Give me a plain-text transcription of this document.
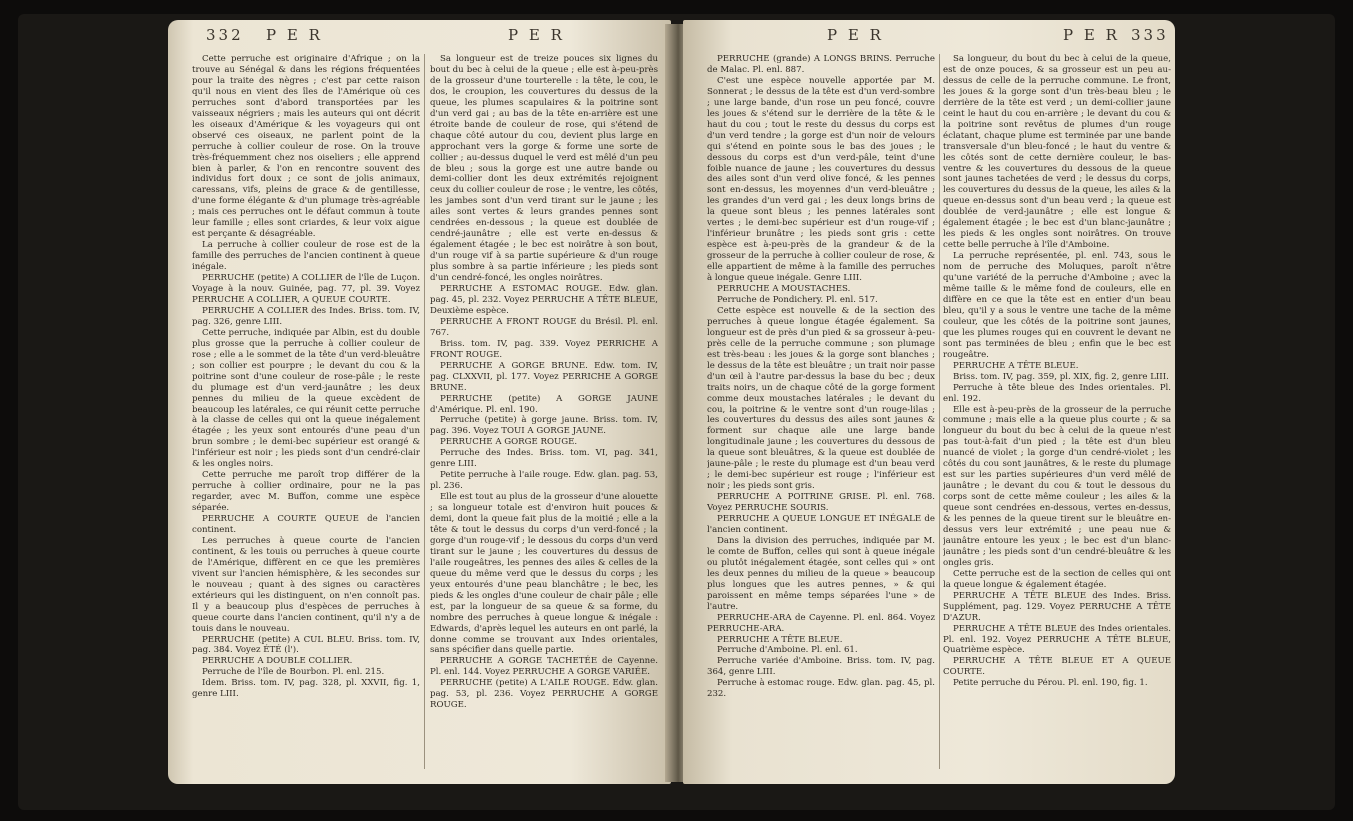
332 P E R	P E R

Cette perruche est originaire d'Afrique ; on la trouve au Sénégal & dans les régions fréquentées pour la traite des nègres ; c'est par cette raison qu'il nous en vient des îles de l'Amérique où ces perruches sont d'abord transportées par les vaisseaux négriers ; mais les auteurs qui ont décrit les oiseaux d'Amérique & les voyageurs qui ont observé ces oiseaux, ne parlent point de la perruche à collier couleur de rose. On la trouve très-fréquemment chez nos oiseliers ; elle apprend bien à parler, & l'on en rencontre souvent des individus fort doux ; ce sont de jolis animaux, caressans, vifs, pleins de grace & de gentillesse, d'une forme élégante & d'un plumage très-agréable ; mais ces perruches ont le défaut commun à toute leur famille ; elles sont criardes, & leur voix aigue est perçante & désagréable.

La perruche à collier couleur de rose est de la famille des perruches de l'ancien continent à queue inégale.

PERRUCHE (petite) A COLLIER de l'île de Luçon. Voyage à la nouv. Guinée, pag. 77, pl. 39. Voyez PERRUCHE A COLLIER, A QUEUE COURTE.

PERRUCHE A COLLIER des Indes. Briss. tom. IV, pag. 326, genre LIII.

Cette perruche, indiquée par Albin, est du double plus grosse que la perruche à collier couleur de rose ; elle a le sommet de la tête d'un verd-bleuâtre ; son collier est pourpre ; le devant du cou & la poitrine sont d'une couleur de rose-pâle ; le reste du plumage est d'un verd-jaunâtre ; les deux pennes du milieu de la queue excèdent de beaucoup les latérales, ce qui réunit cette perruche à la classe de celles qui ont la queue inégalement étagée ; les yeux sont entourés d'une peau d'un brun sombre ; le demi-bec supérieur est orangé & l'inférieur est noir ; les pieds sont d'un cendré-clair & les ongles noirs.

Cette perruche me paroît trop différer de la perruche à collier ordinaire, pour ne la pas regarder, avec M. Buffon, comme une espèce séparée.

PERRUCHE A COURTE QUEUE de l'ancien continent.

Les perruches à queue courte de l'ancien continent, & les touis ou perruches à queue courte de l'Amérique, diffèrent en ce que les premières vivent sur l'ancien hémisphère, & les secondes sur le nouveau ; quant à des signes ou caractères extérieurs qui les distinguent, on n'en connoît pas. Il y a beaucoup plus d'espèces de perruches à queue courte dans l'ancien continent, qu'il n'y a de touis dans le nouveau.

PERRUCHE (petite) A CUL BLEU. Briss. tom. IV, pag. 384. Voyez ÉTÉ (l').

PERRUCHE A DOUBLE COLLIER.

Perruche de l'île de Bourbon. Pl. enl. 215.

Idem. Briss. tom. IV, pag. 328, pl. XXVII, fig. 1, genre LIII.

Sa longueur est de treize pouces six lignes du bout du bec à celui de la queue ; elle est à-peu-près de la grosseur d'une tourterelle : la tête, le cou, le dos, le croupion, les couvertures du dessus de la queue, les plumes scapulaires & la poitrine sont d'un verd gai ; au bas de la tête en-arrière est une étroite bande de couleur de rose, qui s'étend de chaque côté autour du cou, devient plus large en approchant vers la gorge & forme une sorte de collier ; au-dessus duquel le verd est mêlé d'un peu de bleu ; sous la gorge est une autre bande ou demi-collier dont les deux extrémités rejoignent ceux du collier couleur de rose ; le ventre, les côtés, les jambes sont d'un verd tirant sur le jaune ; les ailes sont vertes & leurs grandes pennes sont cendrées en-dessous ; la queue est doublée de cendré-jaunâtre ; elle est verte en-dessus & également étagée ; le bec est noirâtre à son bout, d'un rouge vif à sa partie supérieure & d'un rouge plus sombre à sa partie inférieure ; les pieds sont d'un cendré-foncé, les ongles noirâtres.

PERRUCHE A ESTOMAC ROUGE. Edw. glan. pag. 45, pl. 232. Voyez PERRUCHE A TÊTE BLEUE, Deuxième espèce.

PERRUCHE A FRONT ROUGE du Brésil. Pl. enl. 767.

Briss. tom. IV, pag. 339. Voyez PERRICHE A FRONT ROUGE.

PERRUCHE A GORGE BRUNE. Edw. tom. IV, pag. CLXXVII, pl. 177. Voyez PERRICHE A GORGE BRUNE.

PERRUCHE (petite) A GORGE JAUNE d'Amérique. Pl. enl. 190.

Perruche (petite) à gorge jaune. Briss. tom. IV, pag. 396. Voyez TOUI A GORGE JAUNE.

PERRUCHE A GORGE ROUGE.

Perruche des Indes. Briss. tom. VI, pag. 341, genre LIII.

Petite perruche à l'aile rouge. Edw. glan. pag. 53, pl. 236.

Elle est tout au plus de la grosseur d'une alouette ; sa longueur totale est d'environ huit pouces & demi, dont la queue fait plus de la moitié ; elle a la tête & tout le dessus du corps d'un verd-foncé ; la gorge d'un rouge-vif ; le dessous du corps d'un verd tirant sur le jaune ; les couvertures du dessus de l'aile rougeâtres, les pennes des ailes & celles de la queue du même verd que le dessus du corps ; les yeux entourés d'une peau blanchâtre ; le bec, les pieds & les ongles d'une couleur de chair pâle ; elle est, par la longueur de sa queue & sa forme, du nombre des perruches à queue longue & inégale : Edwards, d'après lequel les auteurs en ont parlé, la donne comme se trouvant aux Indes orientales, sans spécifier dans quelle partie.

PERRUCHE A GORGE TACHETÉE de Cayenne. Pl. enl. 144. Voyez PERRUCHE A GORGE VARIÉE.

PERRUCHE (petite) A L'AILE ROUGE. Edw. glan. pag. 53, pl. 236. Voyez PERRUCHE A GORGE ROUGE.

P E R	P E R 333

PERRUCHE (grande) A LONGS BRINS. Perruche de Malac. Pl. enl. 887.

C'est une espèce nouvelle apportée par M. Sonnerat ; le dessus de la tête est d'un verd-sombre ; une large bande, d'un rose un peu foncé, couvre les joues & s'étend sur le derrière de la tête & le haut du cou ; tout le reste du dessus du corps est d'un verd tendre ; la gorge est d'un noir de velours qui s'étend en pointe sous le bas des joues ; le dessous du corps est d'un verd-pâle, teint d'une foible nuance de jaune ; les couvertures du dessus des ailes sont d'un verd olive foncé, & les pennes sont en-dessus, les moyennes d'un verd-bleuâtre ; les grandes d'un verd gai ; les deux longs brins de la queue sont bleus ; les pennes latérales sont vertes ; le demi-bec supérieur est d'un rouge-vif ; l'inférieur brunâtre ; les pieds sont gris : cette espèce est à-peu-près de la grandeur & de la grosseur de la perruche à collier couleur de rose, & elle appartient de même à la famille des perruches à longue queue inégale. Genre LIII.

PERRUCHE A MOUSTACHES.

Perruche de Pondichery. Pl. enl. 517.

Cette espèce est nouvelle & de la section des perruches à queue longue étagée également. Sa longueur est de près d'un pied & sa grosseur à-peu-près celle de la perruche commune ; son plumage est très-beau : les joues & la gorge sont blanches ; le dessus de la tête est bleuâtre ; un trait noir passe d'un œil à l'autre par-dessus la base du bec ; deux traits noirs, un de chaque côté de la gorge forment comme deux moustaches latérales ; le devant du cou, la poitrine & le ventre sont d'un rouge-lilas ; les couvertures du dessus des ailes sont jaunes & forment sur chaque aile une large bande longitudinale jaune ; les couvertures du dessous de la queue sont bleuâtres, & la queue est doublée de jaune-pâle ; le reste du plumage est d'un beau verd ; le demi-bec supérieur est rouge ; l'inférieur est noir ; les pieds sont gris.

PERRUCHE A POITRINE GRISE. Pl. enl. 768. Voyez PERRUCHE SOURIS.

PERRUCHE A QUEUE LONGUE ET INÉGALE de l'ancien continent.

Dans la division des perruches, indiquée par M. le comte de Buffon, celles qui sont à queue inégale ou plutôt inégalement étagée, sont celles qui » ont les deux pennes du milieu de la queue » beaucoup plus longues que les autres pennes, » & qui paroissent en même temps séparées l'une » de l'autre.

PERRUCHE-ARA de Cayenne. Pl. enl. 864. Voyez PERRUCHE-ARA.

PERRUCHE A TÊTE BLEUE.

Perruche d'Amboine. Pl. enl. 61.

Perruche variée d'Amboine. Briss. tom. IV, pag. 364, genre LIII.

Perruche à estomac rouge. Edw. glan. pag. 45, pl. 232.

Sa longueur, du bout du bec à celui de la queue, est de onze pouces, & sa grosseur est un peu au-dessus de celle de la perruche commune. Le front, les joues & la gorge sont d'un très-beau bleu ; le derrière de la tête est verd ; un demi-collier jaune ceint le haut du cou en-arrière ; le devant du cou & la poitrine sont revêtus de plumes d'un rouge éclatant, chaque plume est terminée par une bande transversale d'un bleu-foncé ; le haut du ventre & les côtés sont de cette dernière couleur, le bas-ventre & les couvertures du dessous de la queue sont jaunes tachetées de verd ; le dessus du corps, les couvertures du dessus de la queue, les ailes & la queue en-dessus sont d'un beau verd ; la queue est doublée de verd-jaunâtre ; elle est longue & également étagée ; le bec est d'un blanc-jaunâtre ; les pieds & les ongles sont noirâtres. On trouve cette belle perruche à l'île d'Amboine.

La perruche représentée, pl. enl. 743, sous le nom de perruche des Moluques, paroît n'être qu'une variété de la perruche d'Amboine ; avec la même taille & le même fond de couleurs, elle en diffère en ce que la tête est en entier d'un beau bleu, qu'il y a sous le ventre une tache de la même couleur, que les côtés de la poitrine sont jaunes, que les plumes rouges qui en couvrent le devant ne sont pas terminées de bleu ; enfin que le bec est rougeâtre.

PERRUCHE A TÊTE BLEUE.

Briss. tom. IV, pag. 359, pl. XIX, fig. 2, genre LIII.

Perruche à tête bleue des Indes orientales. Pl. enl. 192.

Elle est à-peu-près de la grosseur de la perruche commune ; mais elle a la queue plus courte ; & sa longueur du bout du bec à celui de la queue n'est pas tout-à-fait d'un pied ; la tête est d'un bleu nuancé de violet ; la gorge d'un cendré-violet ; les côtés du cou sont jaunâtres, & le reste du plumage est sur les parties supérieures d'un verd mêlé de jaunâtre ; le devant du cou & tout le dessous du corps sont de cette même couleur ; les ailes & la queue sont cendrées en-dessous, vertes en-dessus, & les pennes de la queue tirent sur le bleuâtre en-dessus vers leur extrémité ; une peau nue & jaunâtre entoure les yeux ; le bec est d'un blanc-jaunâtre ; les pieds sont d'un cendré-bleuâtre & les ongles gris.

Cette perruche est de la section de celles qui ont la queue longue & également étagée.

PERRUCHE A TÊTE BLEUE des Indes. Briss. Supplément, pag. 129. Voyez PERRUCHE A TÊTE D'AZUR.

PERRUCHE A TÊTE BLEUE des Indes orientales. Pl. enl. 192. Voyez PERRUCHE A TÊTE BLEUE, Quatrième espèce.

PERRUCHE A TÊTE BLEUE ET A QUEUE COURTE.

Petite perruche du Pérou. Pl. enl. 190, fig. 1.
